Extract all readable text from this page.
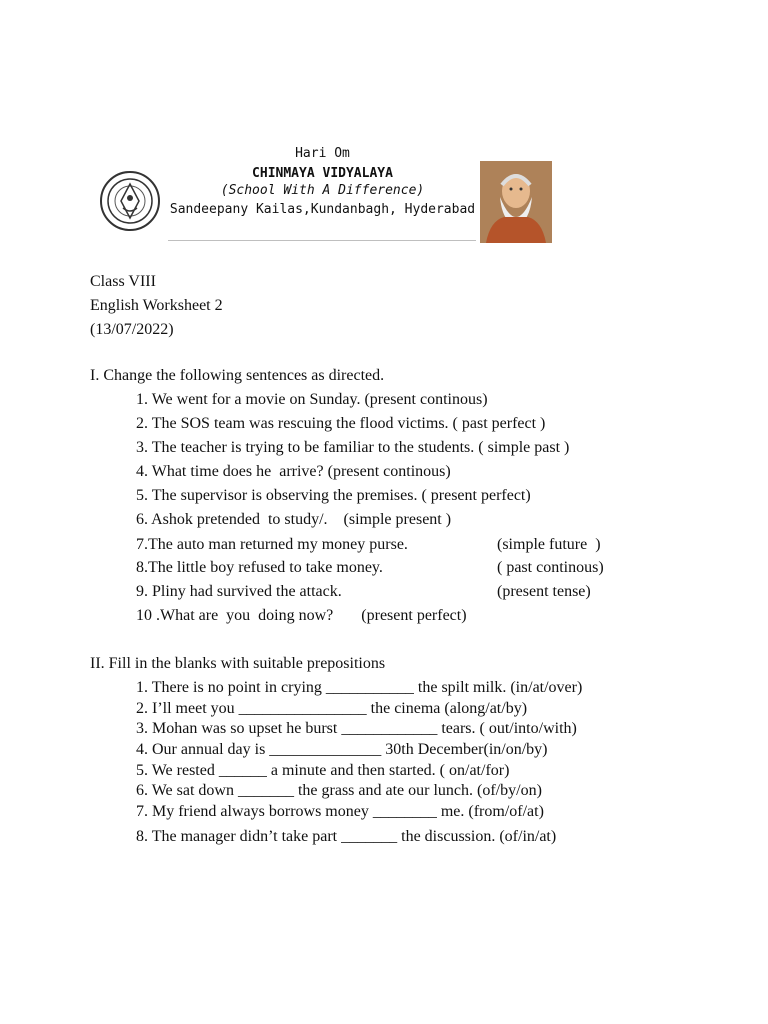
Hari Om
CHINMAYA VIDYALAYA
(School With A Difference)
Sandeepany Kailas,Kundanbagh, Hyderabad
Class VIII
English Worksheet 2
(13/07/2022)
I. Change the following sentences as directed.
1. We went for a movie on Sunday. (present continous)
2. The SOS team was rescuing the flood victims. ( past perfect )
3. The teacher is trying to be familiar to the students. ( simple past )
4. What time does he  arrive? (present continous)
5. The supervisor is observing the premises. ( present perfect)
6. Ashok pretended  to study/.    (simple present )
7.The auto man returned my money purse.	(simple future  )
8.The little boy refused to take money.	( past continous)
9. Pliny had survived the attack.	(present tense)
10 .What are  you  doing now?       (present perfect)
II. Fill in the blanks with suitable prepositions
1. There is no point in crying ___________ the spilt milk. (in/at/over)
2. I’ll meet you ________________ the cinema (along/at/by)
3. Mohan was so upset he burst ____________ tears. ( out/into/with)
4. Our annual day is ______________ 30th December(in/on/by)
5. We rested ______ a minute and then started. ( on/at/for)
6. We sat down _______ the grass and ate our lunch. (of/by/on)
7. My friend always borrows money ________ me. (from/of/at)
8. The manager didn’t take part _______ the discussion. (of/in/at)
